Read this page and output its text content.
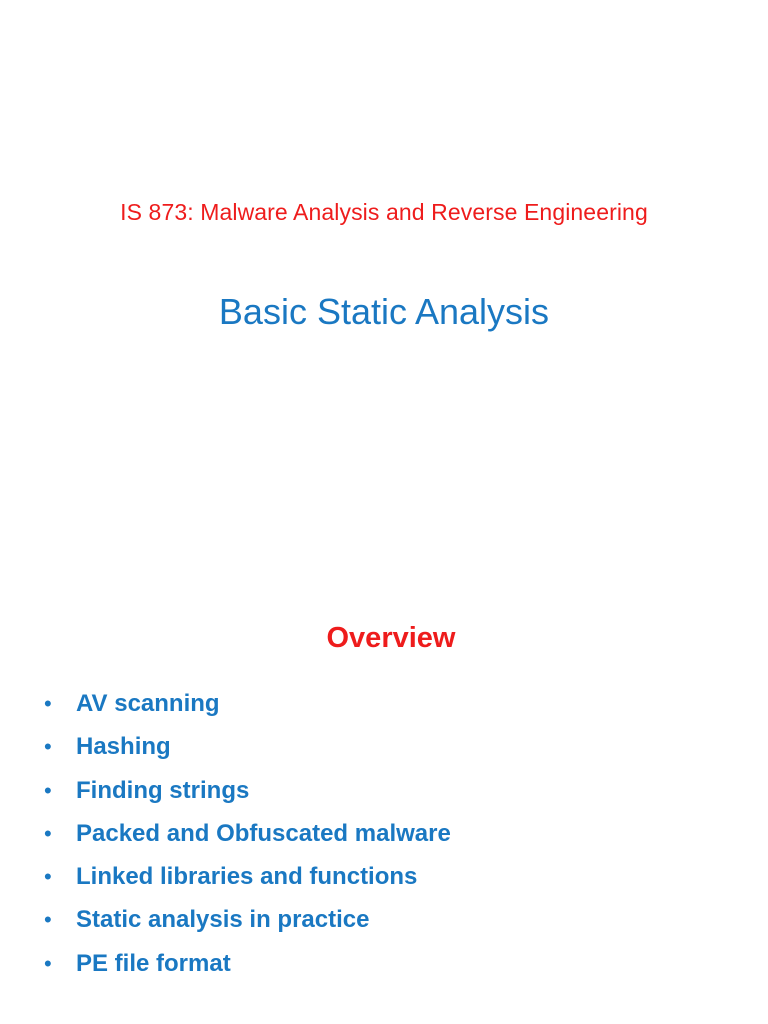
IS 873: Malware Analysis and Reverse Engineering
Basic Static Analysis
Overview
• AV scanning
• Hashing
• Finding strings
• Packed and Obfuscated malware
• Linked libraries and functions
• Static analysis in practice
• PE file format
